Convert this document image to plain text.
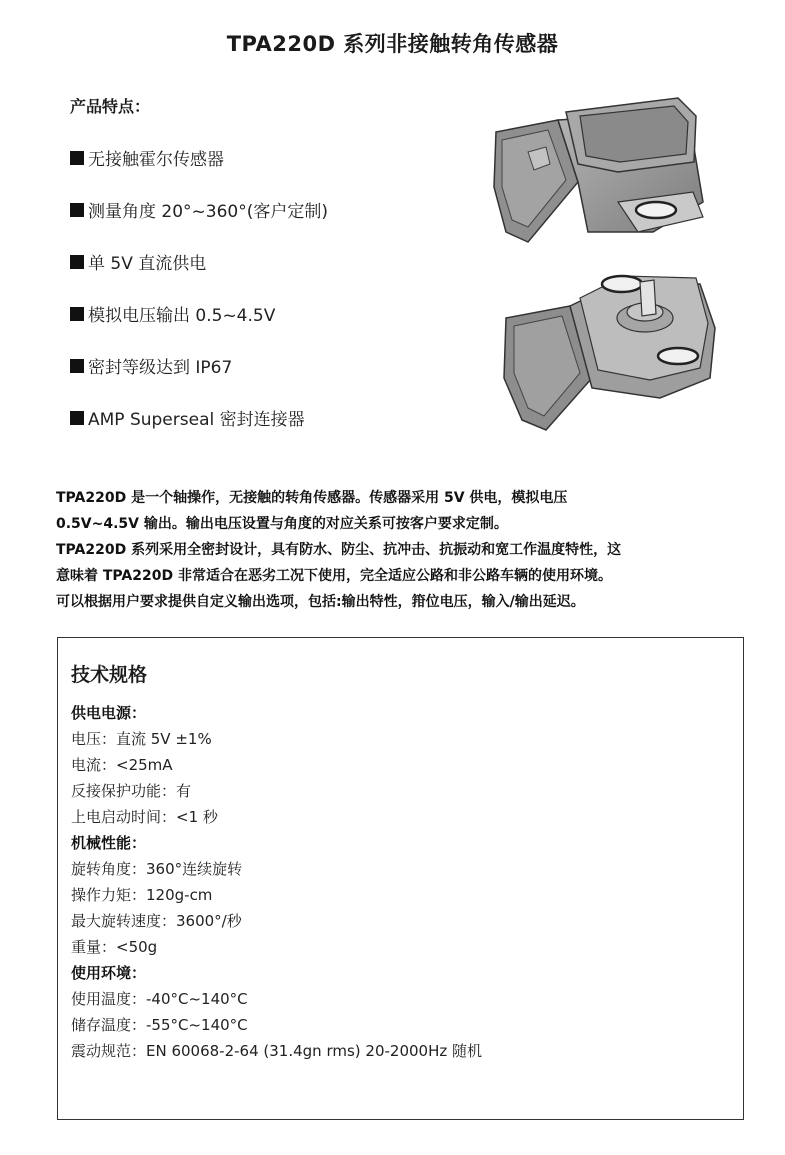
TPA220D 系列非接触转角传感器
产品特点：
无接触霍尔传感器
测量角度 20°~360°(客户定制)
单 5V 直流供电
模拟电压输出 0.5~4.5V
密封等级达到 IP67
AMP Superseal 密封连接器

TPA220D 是一个轴操作，无接触的转角传感器。传感器采用 5V 供电，模拟电压

0.5V~4.5V 输出。输出电压设置与角度的对应关系可按客户要求定制。

TPA220D 系列采用全密封设计，具有防水、防尘、抗冲击、抗振动和宽工作温度特性，这

意味着 TPA220D 非常适合在恶劣工况下使用，完全适应公路和非公路车辆的使用环境。

可以根据用户要求提供自定义输出选项，包括:输出特性，箝位电压，输入/输出延迟。

技术规格
供电电源：
电压：直流 5V ±1%
电流：<25mA
反接保护功能：有
上电启动时间：<1 秒
机械性能：
旋转角度：360°连续旋转
操作力矩：120g-cm
最大旋转速度：3600°/秒
重量：<50g
使用环境：
使用温度：-40°C~140°C
储存温度：-55°C~140°C
震动规范：EN 60068-2-64 (31.4gn rms) 20-2000Hz 随机
